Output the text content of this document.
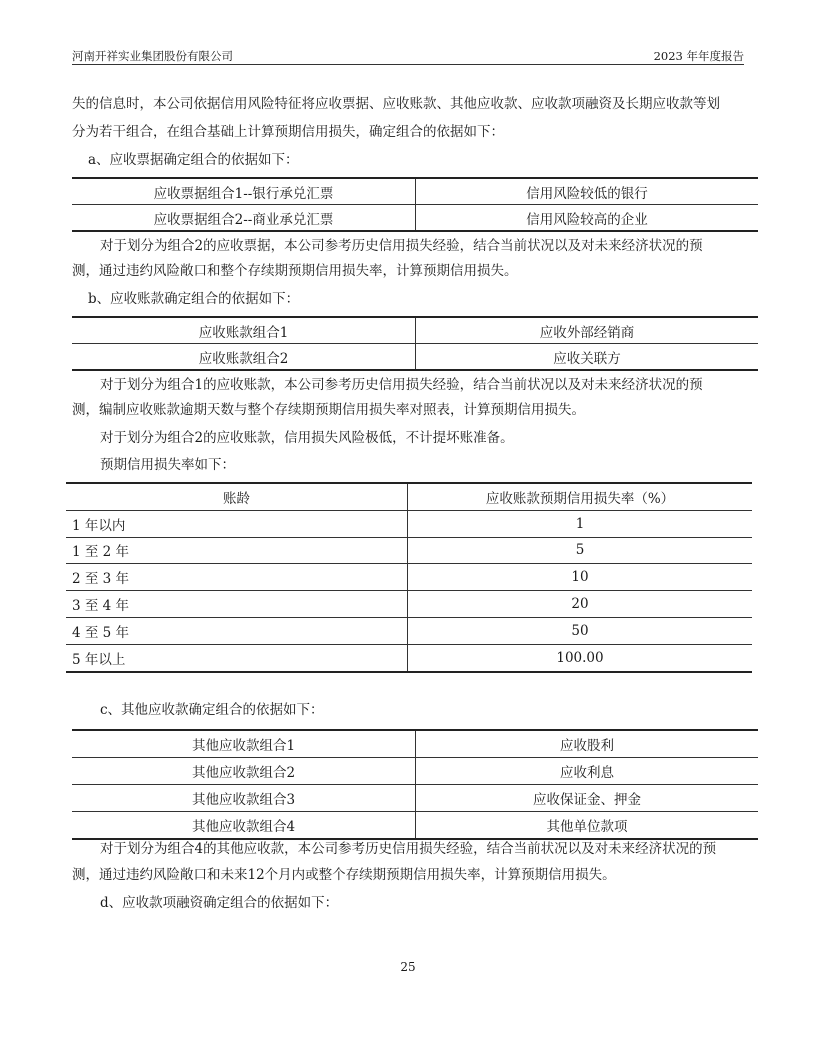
河南开祥实业集团股份有限公司	2023 年年度报告
失的信息时，本公司依据信用风险特征将应收票据、应收账款、其他应收款、应收款项融资及长期应收款等划
分为若干组合，在组合基础上计算预期信用损失，确定组合的依据如下：
a、应收票据确定组合的依据如下：
应收票据组合1--银行承兑汇票	信用风险较低的银行
应收票据组合2--商业承兑汇票	信用风险较高的企业
对于划分为组合2的应收票据，本公司参考历史信用损失经验，结合当前状况以及对未来经济状况的预
测，通过违约风险敞口和整个存续期预期信用损失率，计算预期信用损失。
b、应收账款确定组合的依据如下：
应收账款组合1	应收外部经销商
应收账款组合2	应收关联方
对于划分为组合1的应收账款，本公司参考历史信用损失经验，结合当前状况以及对未来经济状况的预
测，编制应收账款逾期天数与整个存续期预期信用损失率对照表，计算预期信用损失。
对于划分为组合2的应收账款，信用损失风险极低，不计提坏账准备。
预期信用损失率如下：
账龄	应收账款预期信用损失率（%）
1 年以内	1
1 至 2 年	5
2 至 3 年	10
3 至 4 年	20
4 至 5 年	50
5 年以上	100.00
c、其他应收款确定组合的依据如下：
其他应收款组合1	应收股利
其他应收款组合2	应收利息
其他应收款组合3	应收保证金、押金
其他应收款组合4	其他单位款项
对于划分为组合4的其他应收款，本公司参考历史信用损失经验，结合当前状况以及对未来经济状况的预
测，通过违约风险敞口和未来12个月内或整个存续期预期信用损失率，计算预期信用损失。
d、应收款项融资确定组合的依据如下：
25
